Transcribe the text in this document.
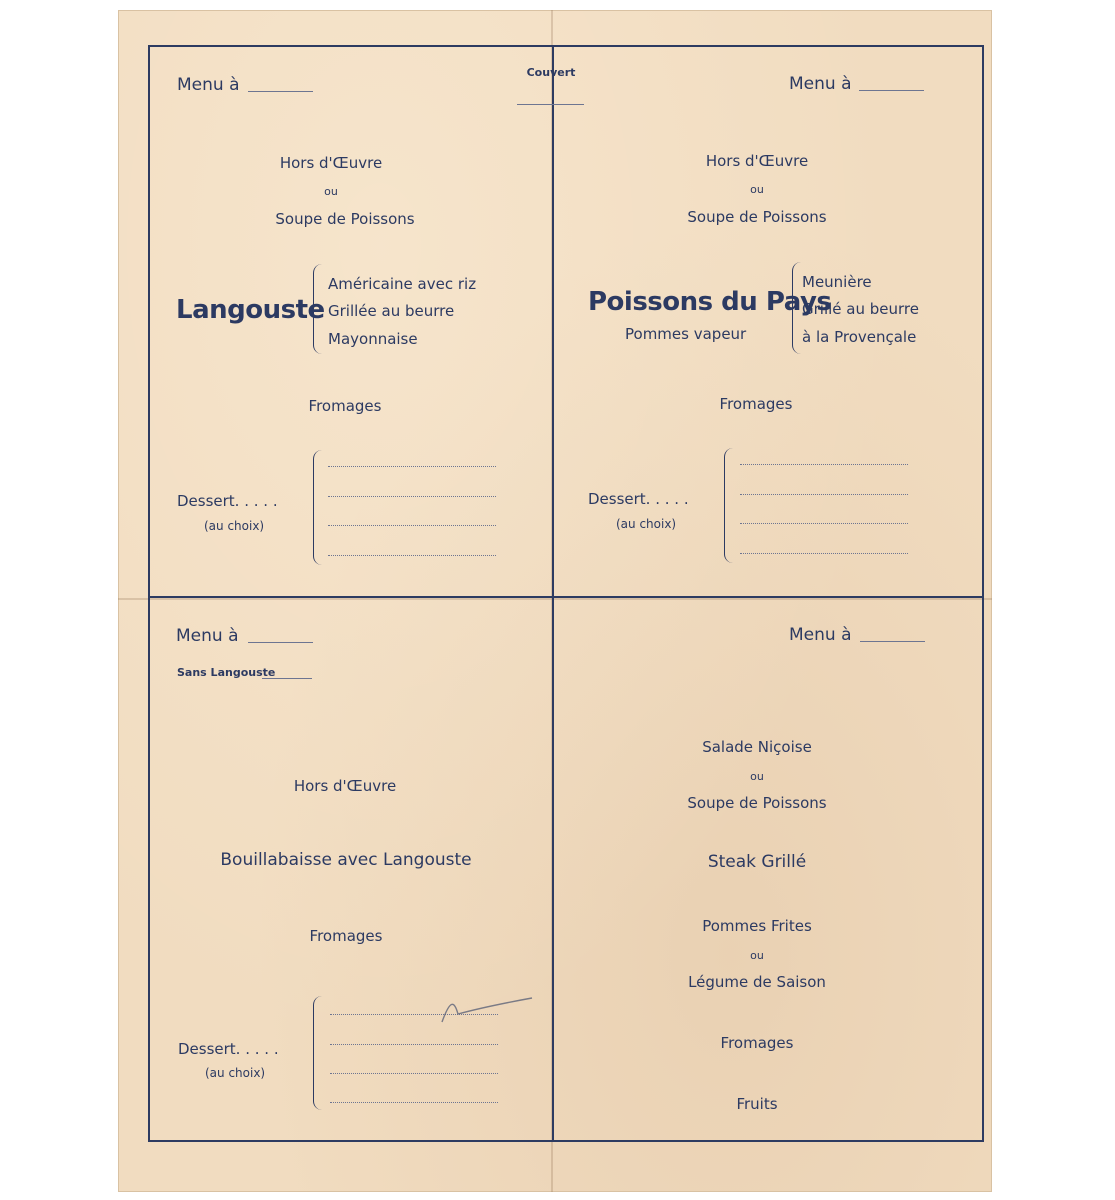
Menu à
Couvert
Hors d'Œuvre
ou
Soupe de Poissons
Langouste
Américaine avec riz
Grillée au beurre
Mayonnaise
Fromages
Dessert. . . . .
(au choix)
Menu à
Hors d'Œuvre
ou
Soupe de Poissons
Poissons du Pays
Pommes vapeur
Meunière
Grillé au beurre
à la Provençale
Fromages
Dessert. . . . .
(au choix)
Menu à
Sans Langouste
Hors d'Œuvre
Bouillabaisse avec Langouste
Fromages
Dessert. . . . .
(au choix)
Menu à
Salade Niçoise
ou
Soupe de Poissons
Steak Grillé
Pommes Frites
ou
Légume de Saison
Fromages
Fruits
